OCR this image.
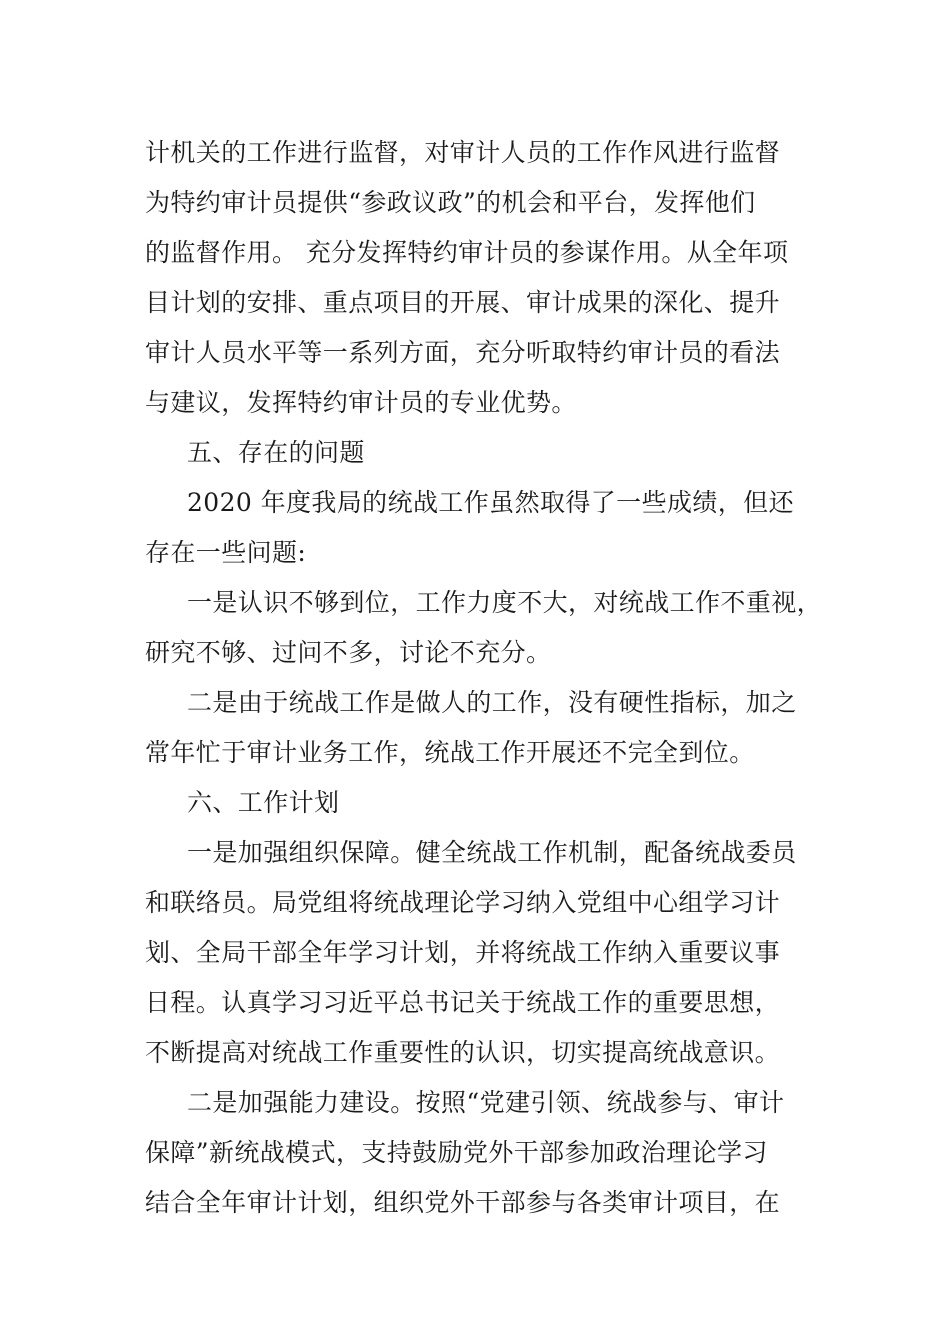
计机关的工作进行监督，对审计人员的工作作风进行监督
为特约审计员提供“参政议政”的机会和平台，发挥他们
的监督作用。 充分发挥特约审计员的参谋作用。从全年项
目计划的安排、重点项目的开展、审计成果的深化、提升
审计人员水平等一系列方面，充分听取特约审计员的看法
与建议，发挥特约审计员的专业优势。
五、存在的问题
2020 年度我局的统战工作虽然取得了一些成绩，但还
存在一些问题:
一是认识不够到位，工作力度不大，对统战工作不重视，
研究不够、过问不多，讨论不充分。
二是由于统战工作是做人的工作，没有硬性指标，加之
常年忙于审计业务工作，统战工作开展还不完全到位。
六、工作计划
一是加强组织保障。健全统战工作机制，配备统战委员
和联络员。局党组将统战理论学习纳入党组中心组学习计
划、全局干部全年学习计划，并将统战工作纳入重要议事
日程。认真学习习近平总书记关于统战工作的重要思想，
不断提高对统战工作重要性的认识，切实提高统战意识。
二是加强能力建设。按照“党建引领、统战参与、审计
保障”新统战模式，支持鼓励党外干部参加政治理论学习
结合全年审计计划，组织党外干部参与各类审计项目，在
